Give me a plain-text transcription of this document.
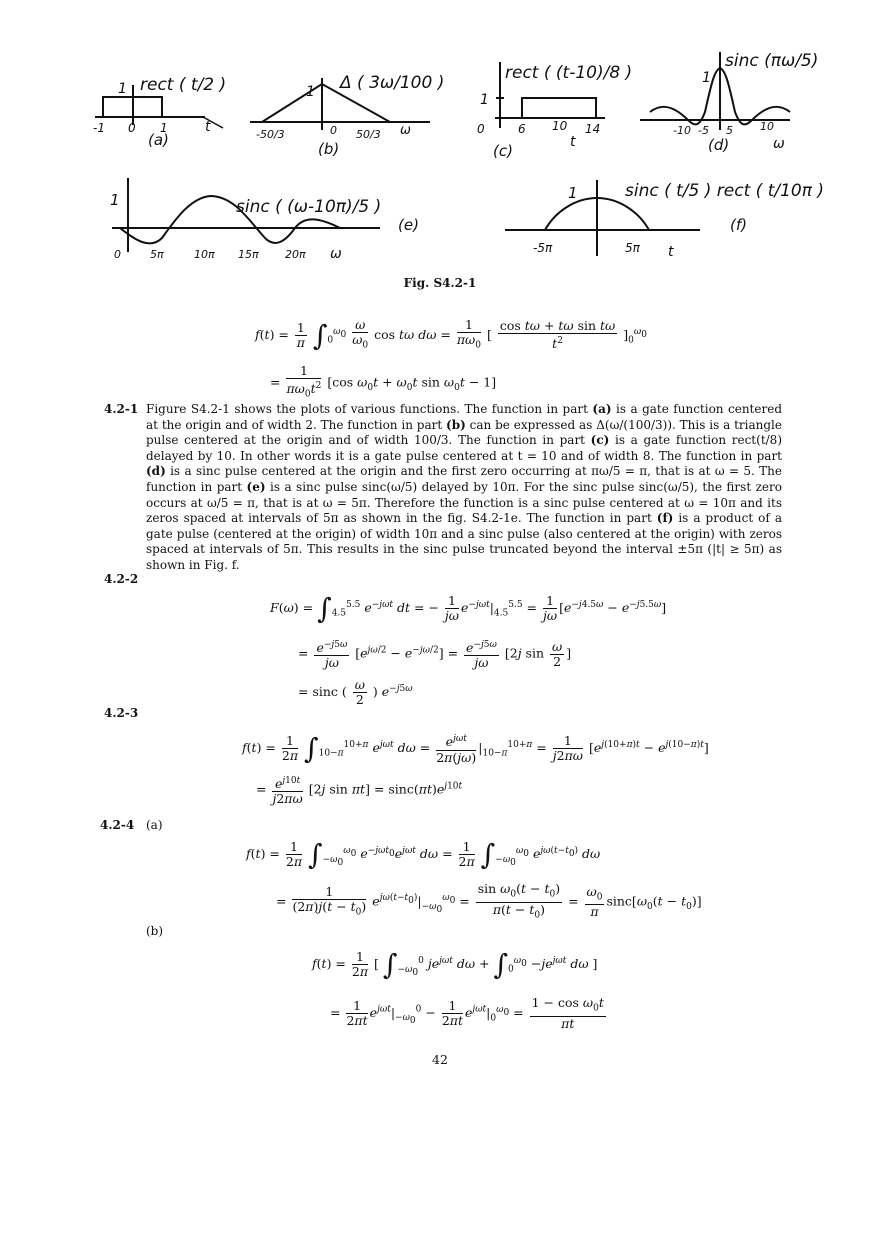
1 rect ( t/2 )
-1 0 1	t
(a)
1 Δ ( 3ω/100 )
-50/3	0 50/3 ω
(b)
rect ( (t-10)/8 )
1
0	6 10 14
t
(c)
sinc (πω/5)
1
-10 -5 5 10
ω
(d)
1	sinc ( (ω-10π)/5 )
(e)
0	5π	10π 15π 20π ω
1	sinc ( t/5 ) rect ( t/10π )
(f)
-5π	5π t
Fig. S4.2-1
$f(t) = \frac{1}{\pi} \int_0^{\omega_0} \frac{\omega}{\omega_0}$ cos tω $d\omega = \frac{1}{\pi\omega_0}$ [ $\frac{\text{cos tω + tω sin tω}}{t^2} ]_0^{\omega_0}$
= $\frac{1}{\pi\omega_0t^2} [\cos$ $\omega_0t + \omega_0t$ $\sin \omega_0t - 1$]
4.2-1 Figure S4.2-1 shows the plots of various functions. The function in part (a) is a gate function centered at the origin and of width 2. The function in part (b) can be expressed as Δ(ω/(100/3)). This is a triangle pulse centered at the origin and of width 100/3. The function in part (c) is a gate function rect(t/8) delayed by 10. In other words it is a gate pulse centered at t = 10 and of width 8. The function in part (d) is a sinc pulse centered at the origin and the first zero occurring at πω/5 = π, that is at ω = 5. The function in part (e) is a sinc pulse sinc(ω/5) delayed by 10π. For the sinc pulse sinc(ω/5), the first zero occurs at ω/5 = π, that is at ω = 5π. Therefore the function is a sinc pulse centered at ω = 10π and its zeros spaced at intervals of 5π as shown in the fig. S4.2-1e. The function in part (f) is a product of a gate pulse (centered at the origin) of width 10π and a sinc pulse (also centered at the origin) with zeros spaced at intervals of 5π. This results in the sinc pulse truncated beyond the interval ±5π (|t| ≥ 5π) as shown in Fig. f.
4.2-2
$F(\omega) = \int_{4.5}^{5.5}$ $e^{-j\omega t}$ dt = − $\frac{1}{j\omega} e^{-j\omega t}|_{4.5}^{5.5} = \frac{1}{j\omega} [e^{-j4.5\omega} - e^{-j5.5\omega}]$
= $\frac{e^{-j5\omega}}{j\omega} [e^{j\omega/2} - e^{-j\omega/2}] = \frac{e^{-j5\omega}}{j\omega} [2j$ $\sin \frac{\omega}{2}$ ]
= sinc ( $\frac{\omega}{2}$ ) $e^{-j5\omega}$
4.2-3
$f(t) = \frac{1}{2\pi} \int_{10-\pi}^{10+\pi}$ $e^{j\omega t}$ $d\omega = \frac{e^{j\omega t}}{2\pi(j\omega)} |_{10-\pi}^{10+\pi} = \frac{1}{j2\pi\omega} [e^{j(10+\pi)t} - e^{j(10-\pi)t}]$
= $\frac{e^{j10t}}{j2\pi\omega} [2j$ $\sin \pi t] = \sin c(\pi t)e^{j10t}$
4.2-4 (a)
$f(t) = \frac{1}{2\pi} \int_{-\omega_0}^{\omega_0}$ $e^{-j\omega t_0}e^{j\omega t}$ $d\omega = \frac{1}{2\pi} \int_{-\omega_0}^{\omega_0}$ $e^{j\omega(t-t_0)}$ dω
= $\frac{1}{(2\pi)j(t - t_0)} e^{j\omega(t-t_0)}|_{-\omega_0}^{\omega_0} = \frac{\sin \omega_0(t - t_0)}{\pi(t - t_0)} = \frac{\omega_0}{\pi} \sin c[\omega_0(t - t_0)]$
(b)
$f(t) = \frac{1}{2\pi}$ [ $\int_{-\omega_0}^0$ $je^{j\omega t}$ $d\omega + \int_0^{\omega_0} -je^{j\omega t}$ dω ]
= $\frac{1}{2\pi t} e^{j\omega t}|_{-\omega_0}^0 - \frac{1}{2\pi t} e^{j\omega t}|_0^{\omega_0} = \frac{1 - \cos \omega_0t}{\pi t}$
42
